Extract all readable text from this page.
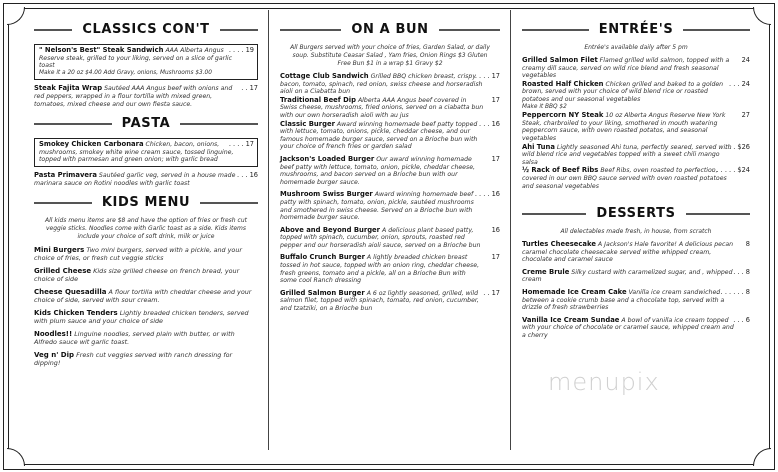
CLASSICS CON'T
" Nelson's Best" Steak Sandwich AAA Alberta Angus Reserve steak, grilled to your liking, served on a slice of garlic toast
. . . . 19
Make it a 20 oz $4.00 Add Gravy, onions, Mushrooms $3.00
Steak Fajita Wrap Sautéed AAA Angus beef with onions and red peppers, wrapped in a flour tortilla with mixed green, tomatoes, mixed cheese and our own fiesta sauce.
. . 17
PASTA
Smokey Chicken Carbonara Chicken, bacon, onions, mushrooms, smokey white wine cream sauce, tossed linguine, topped with parmesan and green onion; with garlic bread
. . . . 17
Pasta Primavera Sautéed garlic veg, served in a house made marinara sauce on Rotini noodles with garlic toast
. . . 16
KIDS MENU
All kids menu items are $8 and have the option of fries or fresh cut veggie sticks. Noodles come with Garlic toast as a side. Kids items include your choice of soft drink, milk or juice
Mini Burgers Two mini burgers, served with a pickle, and your choice of fries, or fresh cut veggie sticks
Grilled Cheese Kids size grilled cheese on french bread, your choice of side
Cheese Quesadilla A flour tortilla with cheddar cheese and your choice of side, served with sour cream.
Kids Chicken Tenders Lightly breaded chicken tenders, served with plum sauce and your choice of side
Noodles!! Linguine noodles, served plain with butter, or with Alfredo sauce wit garlic toast.
Veg n' Dip Fresh cut veggies served with ranch dressing for dipping!
ON A BUN
All Burgers served with your choice of fries, Garden Salad, or daily soup. Substitute Ceasar Salad , Yam fries, Onion Rings $3 Gluten Free Bun $1 in a wrap $1 Gravy $2
Cottage Club Sandwich Grilled BBQ chicken breast, crispy bacon, tomato, spinach, red onion, swiss cheese and horseradish aioli on a Ciabatta bun
. . . . 17
Traditional Beef Dip Alberta AAA Angus beef covered in Swiss cheese, mushrooms, fried onions, served on a ciabatta bun with our own horseradish aioli with au jus
17
Classic Burger Award winning homemade beef patty topped with lettuce, tomato, onions, pickle, cheddar cheese, and our famous homemade burger sauce, served on a Brioche bun with your choice of french fries or garden salad
. . . . 16
Jackson's Loaded Burger Our award winning homemade beef patty with lettuce, tomato, onion, pickle, cheddar cheese, mushrooms, and bacon served on a Brioche bun with our homemade burger sauce.
17
Mushroom Swiss Burger Award winning homemade beef patty with spinach, tomato, onion, pickle, sautéed mushrooms and smothered in swiss cheese. Served on a Brioche bun with homemade burger sauce.
. . . . 16
Above and Beyond Burger A delicious plant based patty, topped with spinach, cucumber, onion, sprouts, roasted red pepper and our horseradish aioli sauce, served on a Brioche bun
16
Buffalo Crunch Burger A lightly breaded chicken breast tossed in hot sauce, topped with an onion ring, cheddar cheese, fresh greens, tomato and a pickle, all on a Brioche Bun with some cool Ranch dressing
17
Grilled Salmon Burger A 6 oz lightly seasoned, grilled, wild salmon filet, topped with spinach, tomato, red onion, cucumber, and tzatziki, on a Brioche bun
. . 17
ENTRÉE'S
Entrée's available daily after 5 pm
Grilled Salmon Filet Flamed grilled wild salmon, topped with a creamy dill sauce, served on wild rice blend and fresh seasonal vegetables
24
Roasted Half Chicken Chicken grilled and baked to a golden brown, served with your choice of wild blend rice or roasted potatoes and our seasonal vegetables
. . . 24
Make it BBQ $2
Peppercorn NY Steak 10 oz Alberta Angus Reserve New York Steak, charbroiled to your liking, smothered in mouth watering peppercorn sauce, with oven roasted potatos, and seasonal vegetables
27
Ahi Tuna Lightly seasoned Ahi tuna, perfectly seared, served with wild blend rice and vegetables topped with a sweet chili mango salsa
. . . $26
½ Rack of Beef Ribs Beef Ribs, oven roasted to perfection, covered in our own BBQ sauce served with oven roasted potatoes and seasonal vegetables
. . . . . . $24
DESSERTS
All delectables made fresh, in house, from scratch
Turtles Cheesecake A Jackson's Hale favorite! A delicious pecan caramel chocolate cheesecake served withe whipped cream, chocolate and caramel sauce
8
Creme Brule Silky custard with caramelized sugar, and , whipped cream
. . . 8
Homemade Ice Cream Cake Vanilla ice cream sandwiched between a cookie crumb base and a chocolate top, served with a drizzle of fresh strawberries
. . . . . . . 8
Vanilla Ice Cream Sundae A bowl of vanilla ice cream topped with your choice of chocolate or caramel sauce, whipped cream and a cherry
. . . 6
menupix
